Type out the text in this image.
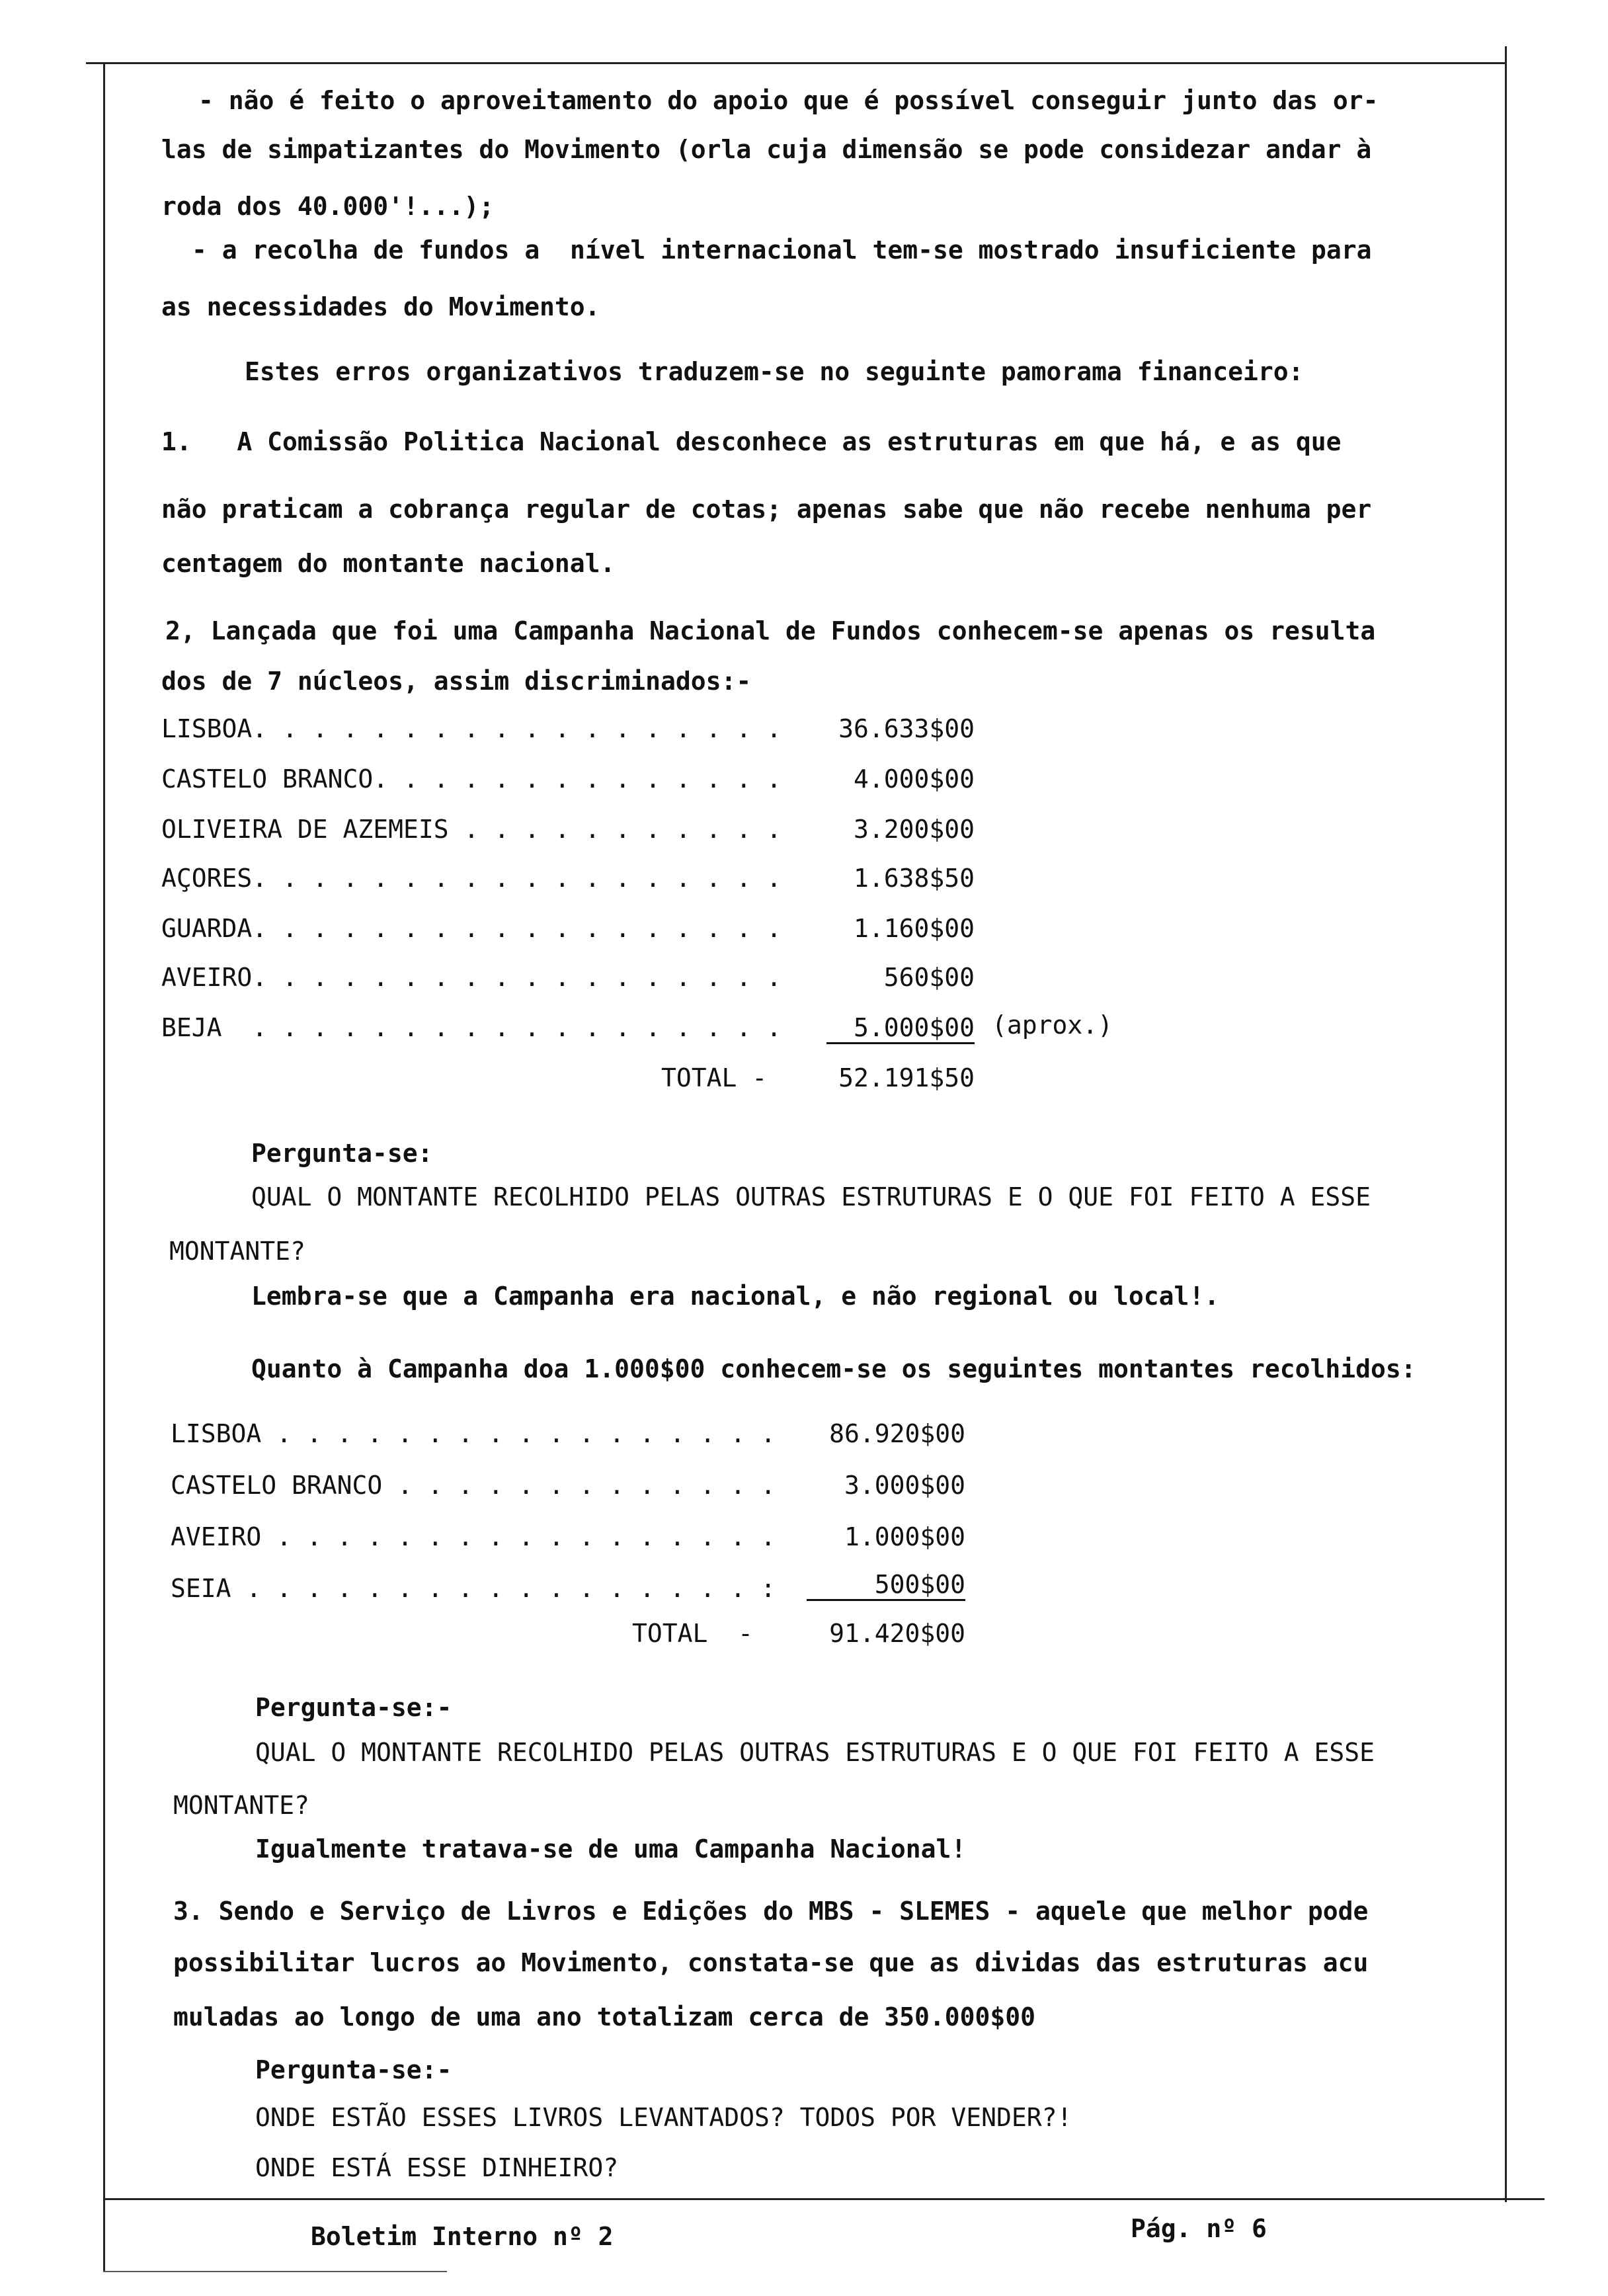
- não é feito o aproveitamento do apoio que é possível conseguir junto das or-
las de simpatizantes do Movimento (orla cuja dimensão se pode considezar andar à
roda dos 40.000'!...);
- a recolha de fundos a  nível internacional tem-se mostrado insuficiente para
as necessidades do Movimento.
Estes erros organizativos traduzem-se no seguinte pamorama financeiro:
1.   A Comissão Politica Nacional desconhece as estruturas em que há, e as que
não praticam a cobrança regular de cotas; apenas sabe que não recebe nenhuma per
centagem do montante nacional.
2, Lançada que foi uma Campanha Nacional de Fundos conhecem-se apenas os resulta
dos de 7 núcleos, assim discriminados:-
LISBOA. . . . . . . . . . . . . . . . . .	36.633$00
CASTELO BRANCO. . . . . . . . . . . . . .	4.000$00
OLIVEIRA DE AZEMEIS . . . . . . . . . . .	3.200$00
AÇORES. . . . . . . . . . . . . . . . . .	1.638$50
GUARDA. . . . . . . . . . . . . . . . . .	1.160$00
AVEIRO. . . . . . . . . . . . . . . . . .	560$00
BEJA  . . . . . . . . . . . . . . . . . .	5.000$00 (aprox.)
TOTAL -	52.191$50
Pergunta-se:
QUAL O MONTANTE RECOLHIDO PELAS OUTRAS ESTRUTURAS E O QUE FOI FEITO A ESSE
MONTANTE?
Lembra-se que a Campanha era nacional, e não regional ou local!.
Quanto à Campanha doa 1.000$00 conhecem-se os seguintes montantes recolhidos:
LISBOA . . . . . . . . . . . . . . . . .	86.920$00
CASTELO BRANCO . . . . . . . . . . . . .	3.000$00
AVEIRO . . . . . . . . . . . . . . . . .	1.000$00
SEIA . . . . . . . . . . . . . . . . . :	500$00
TOTAL  -	91.420$00
Pergunta-se:-
QUAL O MONTANTE RECOLHIDO PELAS OUTRAS ESTRUTURAS E O QUE FOI FEITO A ESSE
MONTANTE?
Igualmente tratava-se de uma Campanha Nacional!
3. Sendo e Serviço de Livros e Edições do MBS - SLEMES - aquele que melhor pode
possibilitar lucros ao Movimento, constata-se que as dividas das estruturas acu
muladas ao longo de uma ano totalizam cerca de 350.000$00
Pergunta-se:-
ONDE ESTÃO ESSES LIVROS LEVANTADOS? TODOS POR VENDER?!
ONDE ESTÁ ESSE DINHEIRO?
Boletim Interno nº 2	Pág. nº 6
